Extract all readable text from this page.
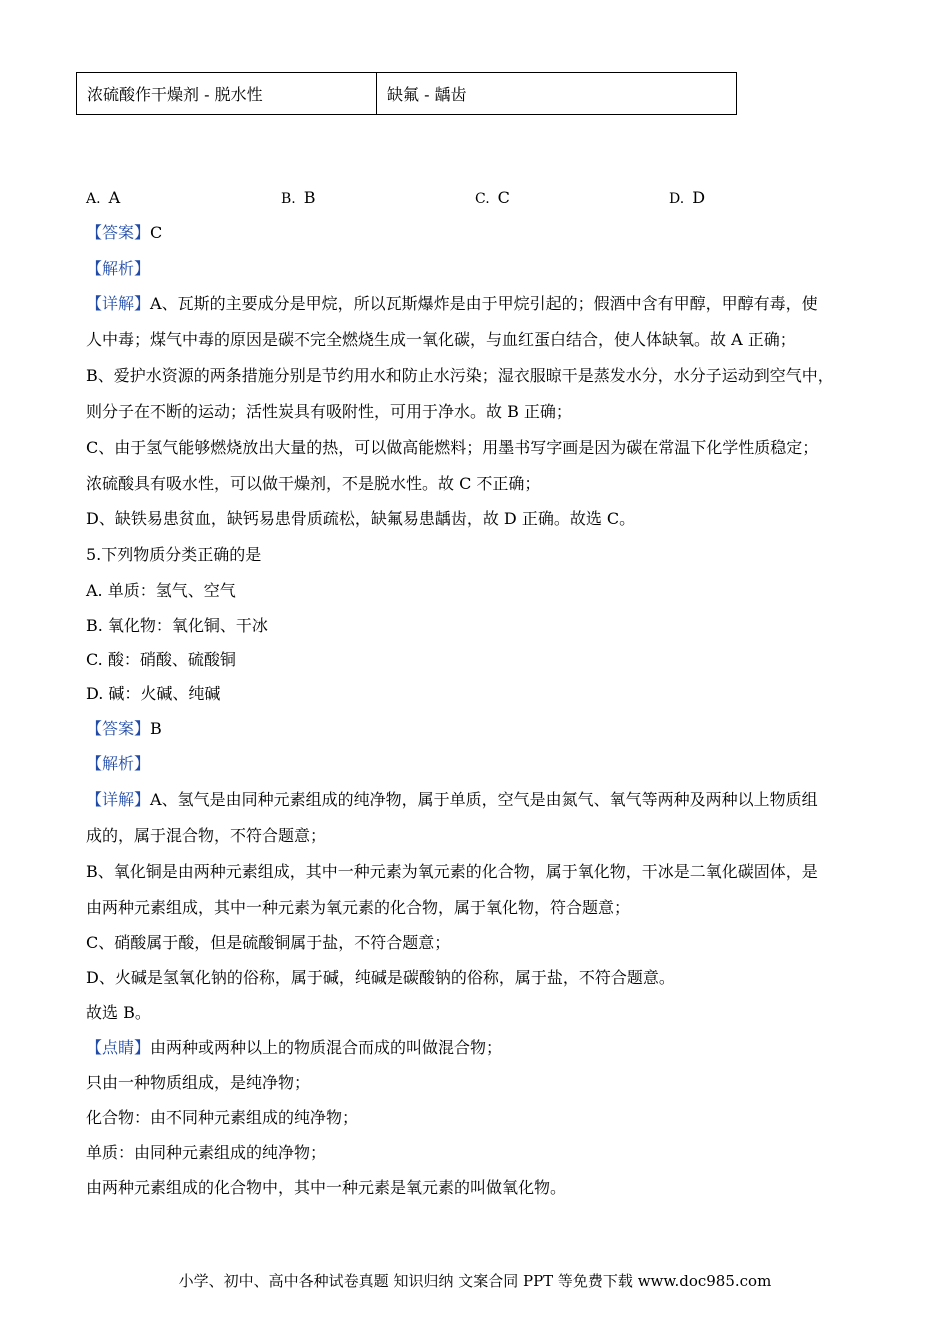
浓硫酸作干燥剂 - 脱水性	缺氟 - 龋齿
A. A	B. B	C. C	D. D
【答案】C
【解析】
【详解】A、瓦斯的主要成分是甲烷，所以瓦斯爆炸是由于甲烷引起的；假酒中含有甲醇，甲醇有毒，使
人中毒；煤气中毒的原因是碳不完全燃烧生成一氧化碳，与血红蛋白结合，使人体缺氧。故 A 正确；
B、爱护水资源的两条措施分别是节约用水和防止水污染；湿衣服晾干是蒸发水分，水分子运动到空气中，
则分子在不断的运动；活性炭具有吸附性，可用于净水。故 B 正确；
C、由于氢气能够燃烧放出大量的热，可以做高能燃料；用墨书写字画是因为碳在常温下化学性质稳定；
浓硫酸具有吸水性，可以做干燥剂，不是脱水性。故 C 不正确；
D、缺铁易患贫血，缺钙易患骨质疏松，缺氟易患龋齿，故 D 正确。故选 C。
5.下列物质分类正确的是
A. 单质：氢气、空气
B. 氧化物：氧化铜、干冰
C. 酸：硝酸、硫酸铜
D. 碱：火碱、纯碱
【答案】B
【解析】
【详解】A、氢气是由同种元素组成的纯净物，属于单质，空气是由氮气、氧气等两种及两种以上物质组
成的，属于混合物，不符合题意；
B、氧化铜是由两种元素组成，其中一种元素为氧元素的化合物，属于氧化物，干冰是二氧化碳固体，是
由两种元素组成，其中一种元素为氧元素的化合物，属于氧化物，符合题意；
C、硝酸属于酸，但是硫酸铜属于盐，不符合题意；
D、火碱是氢氧化钠的俗称，属于碱，纯碱是碳酸钠的俗称，属于盐，不符合题意。
故选 B。
【点睛】由两种或两种以上的物质混合而成的叫做混合物；
只由一种物质组成，是纯净物；
化合物：由不同种元素组成的纯净物；
单质：由同种元素组成的纯净物；
由两种元素组成的化合物中，其中一种元素是氧元素的叫做氧化物。
小学、初中、高中各种试卷真题 知识归纳 文案合同 PPT 等免费下载 www.doc985.com
